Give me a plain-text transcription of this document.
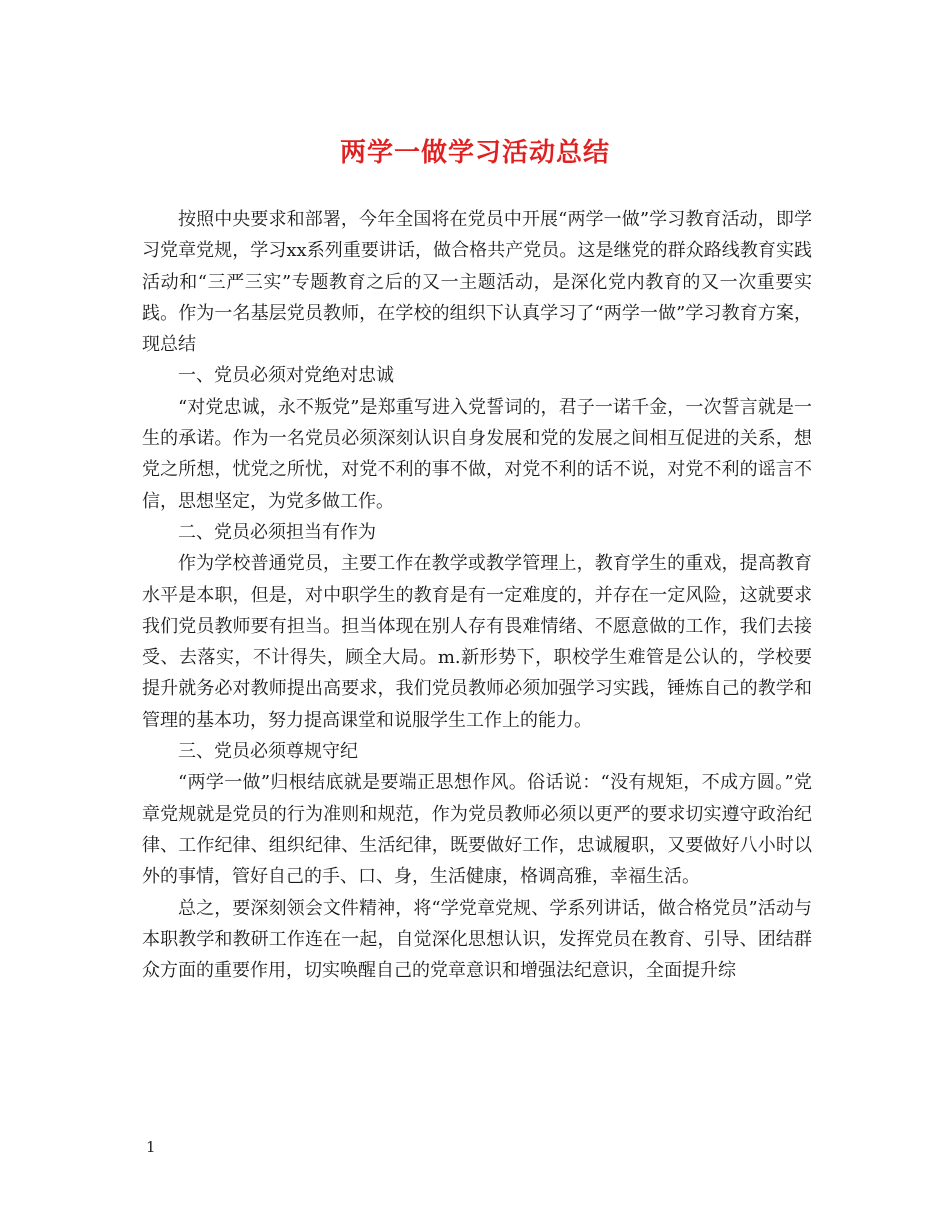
两学一做学习活动总结

按照中央要求和部署，今年全国将在党员中开展“两学一做”学习教育活动，即学习党章党规，学习xx系列重要讲话，做合格共产党员。这是继党的群众路线教育实践活动和“三严三实”专题教育之后的又一主题活动，是深化党内教育的又一次重要实践。作为一名基层党员教师，在学校的组织下认真学习了“两学一做”学习教育方案，现总结

一、党员必须对党绝对忠诚

“对党忠诚，永不叛党”是郑重写进入党誓词的，君子一诺千金，一次誓言就是一生的承诺。作为一名党员必须深刻认识自身发展和党的发展之间相互促进的关系，想党之所想，忧党之所忧，对党不利的事不做，对党不利的话不说，对党不利的谣言不信，思想坚定，为党多做工作。

二、党员必须担当有作为

作为学校普通党员，主要工作在教学或教学管理上，教育学生的重戏，提高教育水平是本职，但是，对中职学生的教育是有一定难度的，并存在一定风险，这就要求我们党员教师要有担当。担当体现在别人存有畏难情绪、不愿意做的工作，我们去接受、去落实，不计得失，顾全大局。m.新形势下，职校学生难管是公认的，学校要提升就务必对教师提出高要求，我们党员教师必须加强学习实践，锤炼自己的教学和管理的基本功，努力提高课堂和说服学生工作上的能力。

三、党员必须尊规守纪

“两学一做”归根结底就是要端正思想作风。俗话说：“没有规矩，不成方圆。”党章党规就是党员的行为准则和规范，作为党员教师必须以更严的要求切实遵守政治纪律、工作纪律、组织纪律、生活纪律，既要做好工作，忠诚履职，又要做好八小时以外的事情，管好自己的手、口、身，生活健康，格调高雅，幸福生活。

总之，要深刻领会文件精神，将“学党章党规、学系列讲话，做合格党员”活动与本职教学和教研工作连在一起，自觉深化思想认识，发挥党员在教育、引导、团结群众方面的重要作用，切实唤醒自己的党章意识和增强法纪意识，全面提升综

1
